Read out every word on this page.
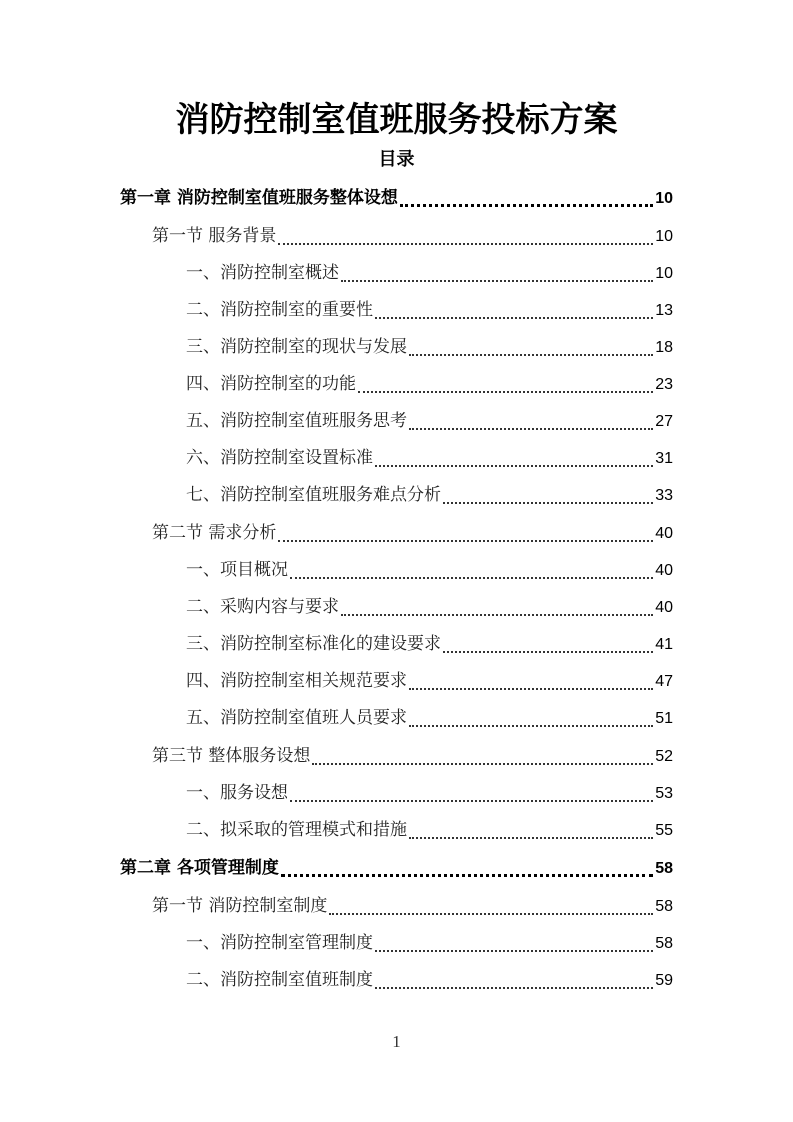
消防控制室值班服务投标方案
目录
第一章 消防控制室值班服务整体设想	10
第一节 服务背景	10
一、消防控制室概述	10
二、消防控制室的重要性	13
三、消防控制室的现状与发展	18
四、消防控制室的功能	23
五、消防控制室值班服务思考	27
六、消防控制室设置标准	31
七、消防控制室值班服务难点分析	33
第二节 需求分析	40
一、项目概况	40
二、采购内容与要求	40
三、消防控制室标准化的建设要求	41
四、消防控制室相关规范要求	47
五、消防控制室值班人员要求	51
第三节 整体服务设想	52
一、服务设想	53
二、拟采取的管理模式和措施	55
第二章 各项管理制度	58
第一节 消防控制室制度	58
一、消防控制室管理制度	58
二、消防控制室值班制度	59
1
